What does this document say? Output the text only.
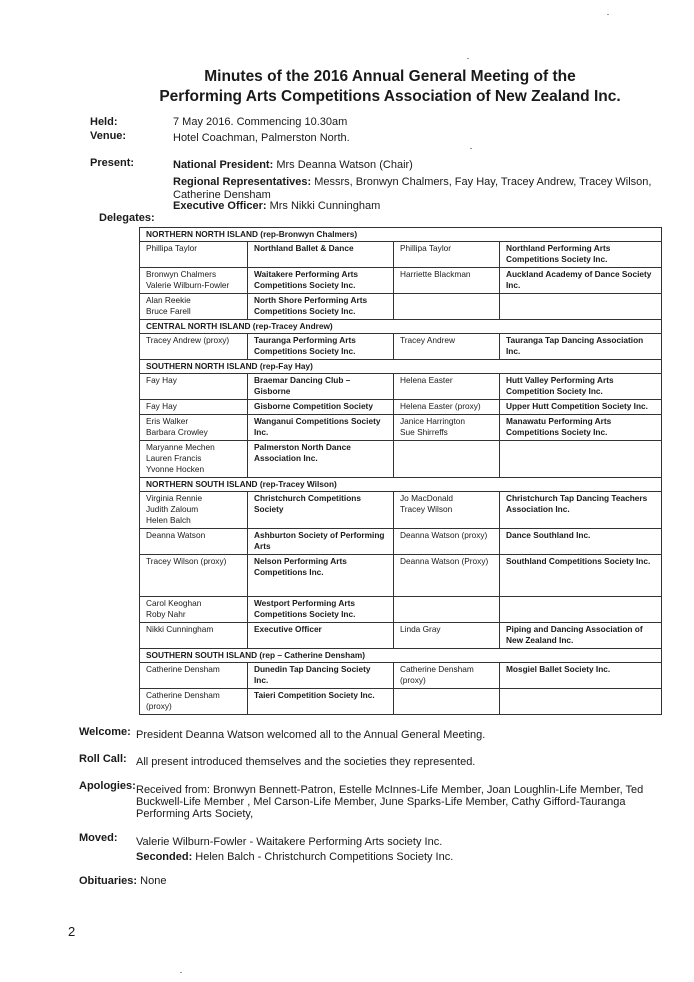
Minutes of the 2016 Annual General Meeting of the
Performing Arts Competitions Association of New Zealand Inc.
Held:	7 May 2016. Commencing 10.30am
Venue:	Hotel Coachman, Palmerston North.
Present:	National President: Mrs Deanna Watson (Chair)
Regional Representatives: Messrs, Bronwyn Chalmers, Fay Hay, Tracey Andrew, Tracey Wilson, Catherine Densham
Executive Officer: Mrs Nikki Cunningham
Delegates:
NORTHERN NORTH ISLAND (rep-Bronwyn Chalmers)			

Phillipa Taylor	Northland Ballet & Dance	Phillipa Taylor	Northland Performing Arts
Competitions Society Inc.

Bronwyn Chalmers
Valerie Wilburn-Fowler	Waitakere Performing Arts
Competitions Society Inc.	Harriette Blackman	Auckland Academy of Dance Society
Inc.

Alan Reekie
Bruce Farell	North Shore Performing Arts
Competitions Society Inc.		

CENTRAL NORTH ISLAND (rep-Tracey Andrew)			

Tracey Andrew (proxy)	Tauranga Performing Arts
Competitions Society Inc.	Tracey Andrew	Tauranga Tap Dancing Association
Inc.

SOUTHERN NORTH ISLAND (rep-Fay Hay)			

Fay Hay	Braemar Dancing Club – Gisborne	Helena Easter	Hutt Valley Performing Arts
Competition Society Inc.

Fay Hay	Gisborne Competition Society	Helena Easter (proxy)	Upper Hutt Competition Society Inc.

Eris Walker
Barbara Crowley	Wanganui Competitions Society
Inc.	Janice Harrington
Sue Shirreffs	Manawatu Performing Arts
Competitions Society Inc.

Maryanne Mechen
Lauren Francis
Yvonne Hocken	Palmerston North Dance
Association Inc.		

NORTHERN SOUTH ISLAND (rep-Tracey Wilson)			

Virginia Rennie
Judith Zaloum
Helen Balch	Christchurch Competitions Society	Jo MacDonald
Tracey Wilson	Christchurch Tap Dancing Teachers
Association Inc.

Deanna Watson	Ashburton Society of Performing
Arts	Deanna Watson (proxy)	Dance Southland Inc.

Tracey Wilson (proxy)	Nelson Performing Arts
Competitions Inc.	Deanna Watson (Proxy)	Southland Competitions Society Inc.

Carol Keoghan
Roby Nahr	Westport Performing Arts
Competitions Society Inc.		

Nikki Cunningham	Executive Officer	Linda Gray	Piping and Dancing Association of
New Zealand Inc.

SOUTHERN SOUTH ISLAND (rep – Catherine Densham)			

Catherine Densham	Dunedin Tap Dancing Society Inc.	Catherine Densham
(proxy)	Mosgiel Ballet Society Inc.

Catherine Densham
(proxy)	Taieri Competition Society Inc.		

Welcome: President Deanna Watson welcomed all to the Annual General Meeting.
Roll Call: All present introduced themselves and the societies they represented.
Apologies: Received from: Bronwyn Bennett-Patron, Estelle McInnes-Life Member, Joan Loughlin-Life Member, Ted Buckwell-Life Member , Mel Carson-Life Member, June Sparks-Life Member, Cathy Gifford-Tauranga Performing Arts Society,
Moved: Valerie Wilburn-Fowler - Waitakere Performing Arts society Inc.
Seconded: Helen Balch - Christchurch Competitions Society Inc.
Obituaries: None
2
